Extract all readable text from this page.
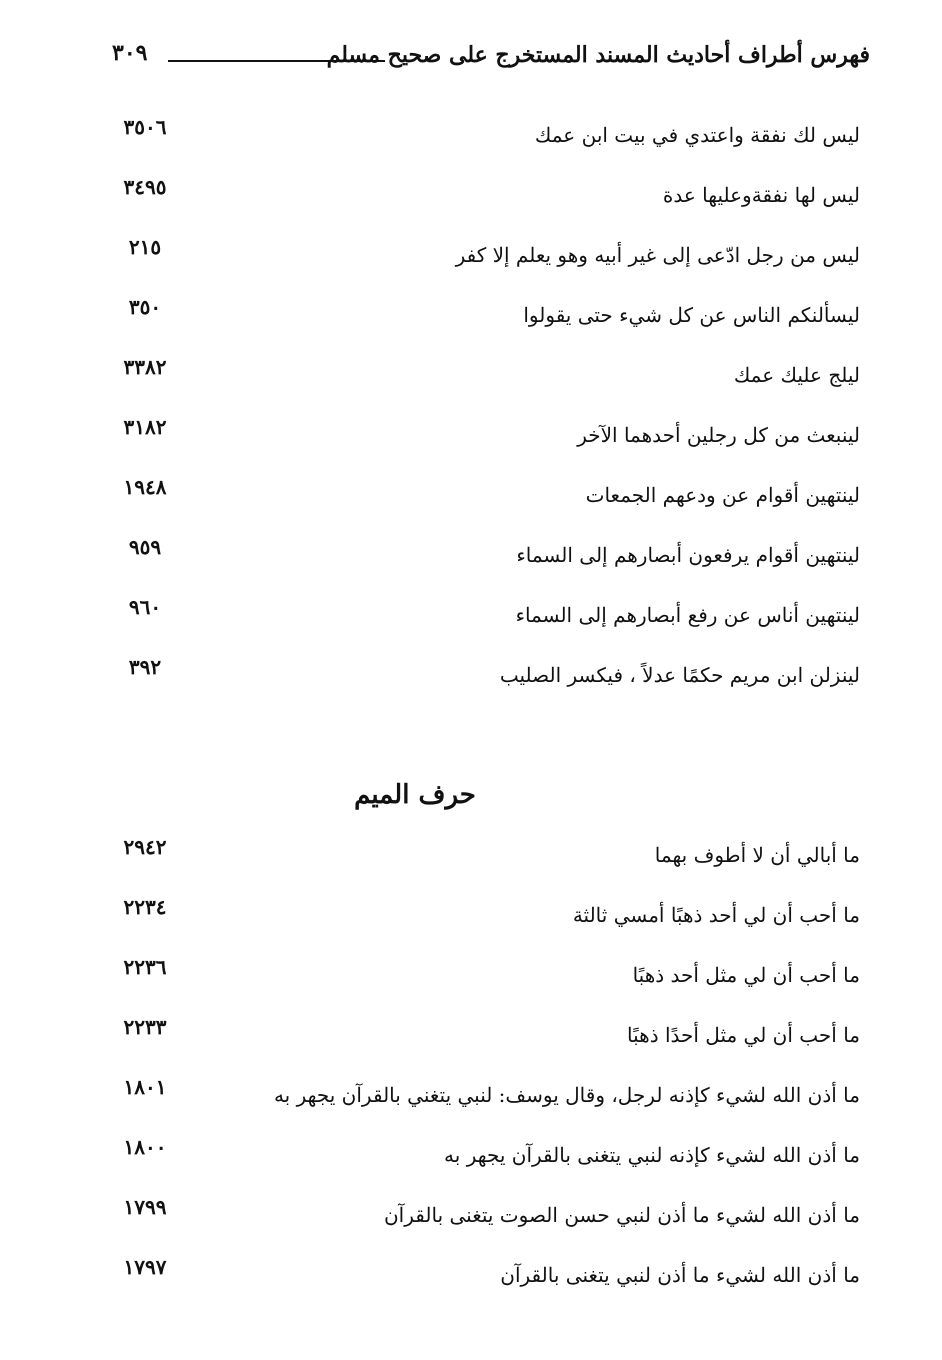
٣٠٩	فهرس أطراف أحاديث المسند المستخرج على صحيح مسلم
ليس لك نفقة واعتدي في بيت ابن عمك
٣٥٠٦
ليس لها نفقةوعليها عدة
٣٤٩٥
ليس من رجل ادّعى إلى غير أبيه وهو يعلم إلا كفر
٢١٥
ليسألنكم الناس عن كل شيء حتى يقولوا
٣٥٠
ليلج عليك عمك
٣٣٨٢
لينبعث من كل رجلين أحدهما الآخر
٣١٨٢
لينتهين أقوام عن ودعهم الجمعات
١٩٤٨
لينتهين أقوام يرفعون أبصارهم إلى السماء
٩٥٩
لينتهين أناس عن رفع أبصارهم إلى السماء
٩٦٠
لينزلن ابن مريم حكمًا عدلاً ، فيكسر الصليب
٣٩٢
حرف الميم
ما أبالي أن لا أطوف بهما
٢٩٤٢
ما أحب أن لي أحد ذهبًا أمسي ثالثة
٢٢٣٤
ما أحب أن لي مثل أحد ذهبًا
٢٢٣٦
ما أحب أن لي مثل أحدًا ذهبًا
٢٢٣٣
ما أذن الله لشيء كإذنه لرجل، وقال يوسف: لنبي يتغني بالقرآن يجهر به
١٨٠١
ما أذن الله لشيء كإذنه لنبي يتغنى بالقرآن يجهر به
١٨٠٠
ما أذن الله لشيء ما أذن لنبي حسن الصوت يتغنى بالقرآن
١٧٩٩
ما أذن الله لشيء ما أذن لنبي يتغنى بالقرآن
١٧٩٧
